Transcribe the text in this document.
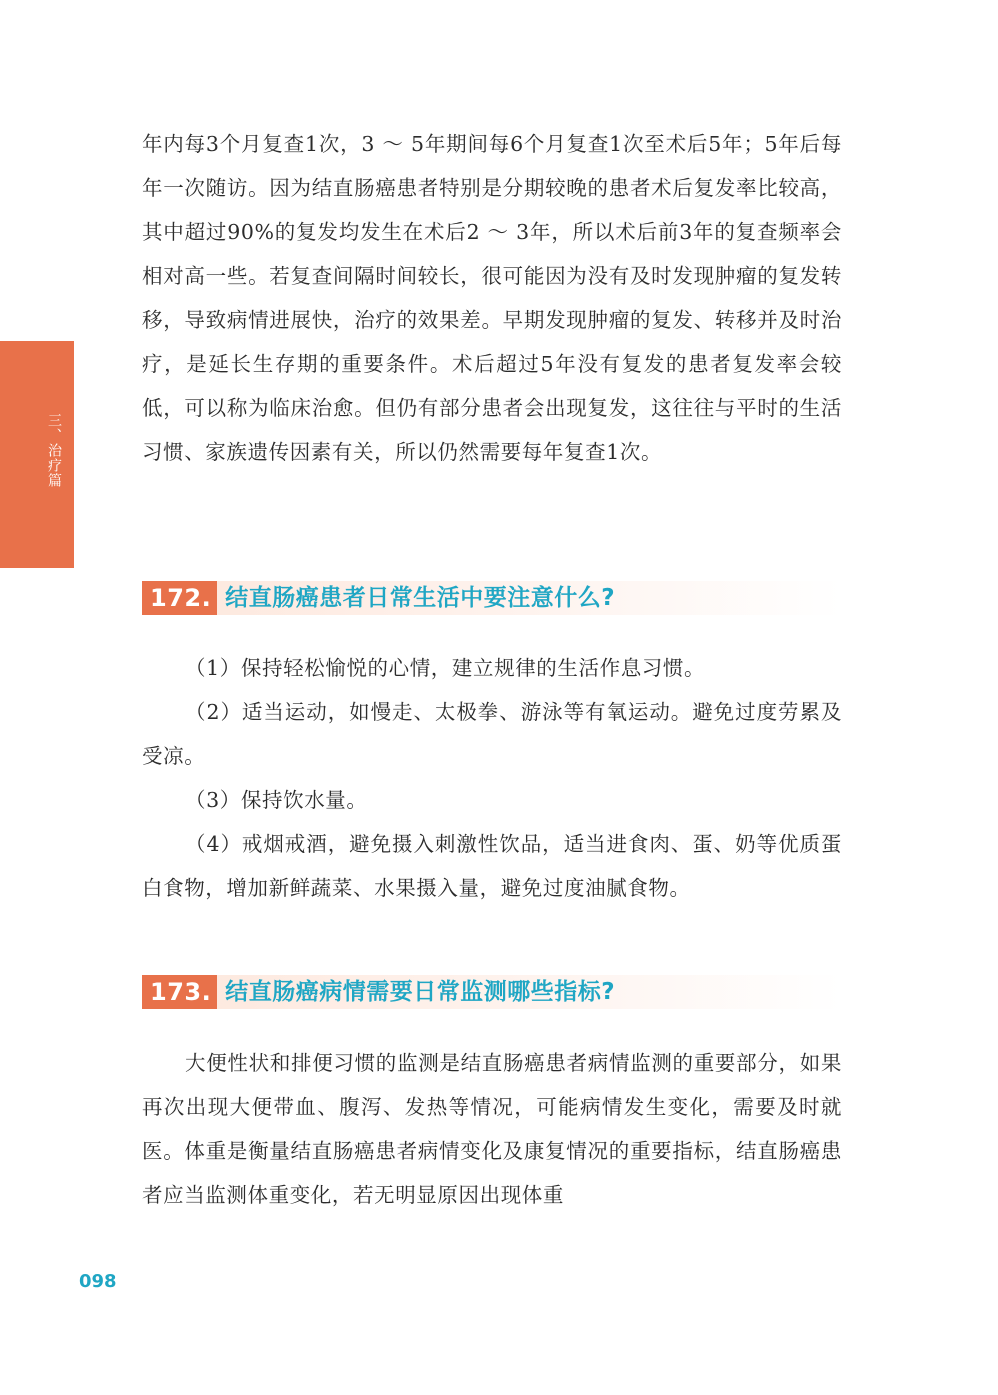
三、治疗篇

年内每3个月复查1次，3 ～ 5年期间每6个月复查1次至术后5年；5年后每年一次随访。因为结直肠癌患者特别是分期较晚的患者术后复发率比较高，其中超过90%的复发均发生在术后2 ～ 3年，所以术后前3年的复查频率会相对高一些。若复查间隔时间较长，很可能因为没有及时发现肿瘤的复发转移，导致病情进展快，治疗的效果差。早期发现肿瘤的复发、转移并及时治疗，是延长生存期的重要条件。术后超过5年没有复发的患者复发率会较低，可以称为临床治愈。但仍有部分患者会出现复发，这往往与平时的生活习惯、家族遗传因素有关，所以仍然需要每年复查1次。

172. 结直肠癌患者日常生活中要注意什么?

（1）保持轻松愉悦的心情，建立规律的生活作息习惯。

（2）适当运动，如慢走、太极拳、游泳等有氧运动。避免过度劳累及受凉。

（3）保持饮水量。

（4）戒烟戒酒，避免摄入刺激性饮品，适当进食肉、蛋、奶等优质蛋白食物，增加新鲜蔬菜、水果摄入量，避免过度油腻食物。

173. 结直肠癌病情需要日常监测哪些指标?

大便性状和排便习惯的监测是结直肠癌患者病情监测的重要部分，如果再次出现大便带血、腹泻、发热等情况，可能病情发生变化，需要及时就医。体重是衡量结直肠癌患者病情变化及康复情况的重要指标，结直肠癌患者应当监测体重变化，若无明显原因出现体重

098
